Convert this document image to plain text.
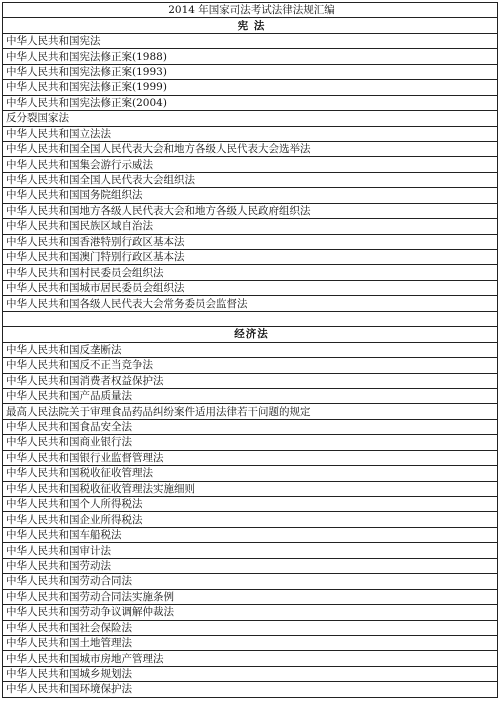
2014 年国家司法考试法律法规汇编
宪 法
中华人民共和国宪法
中华人民共和国宪法修正案(1988)
中华人民共和国宪法修正案(1993)
中华人民共和国宪法修正案(1999)
中华人民共和国宪法修正案(2004)
反分裂国家法
中华人民共和国立法法
中华人民共和国全国人民代表大会和地方各级人民代表大会选举法
中华人民共和国集会游行示威法
中华人民共和国全国人民代表大会组织法
中华人民共和国国务院组织法
中华人民共和国地方各级人民代表大会和地方各级人民政府组织法
中华人民共和国民族区域自治法
中华人民共和国香港特别行政区基本法
中华人民共和国澳门特别行政区基本法
中华人民共和国村民委员会组织法
中华人民共和国城市居民委员会组织法
中华人民共和国各级人民代表大会常务委员会监督法

经济法
中华人民共和国反垄断法
中华人民共和国反不正当竞争法
中华人民共和国消费者权益保护法
中华人民共和国产品质量法
最高人民法院关于审理食品药品纠纷案件适用法律若干问题的规定
中华人民共和国食品安全法
中华人民共和国商业银行法
中华人民共和国银行业监督管理法
中华人民共和国税收征收管理法
中华人民共和国税收征收管理法实施细则
中华人民共和国个人所得税法
中华人民共和国企业所得税法
中华人民共和国车船税法
中华人民共和国审计法
中华人民共和国劳动法
中华人民共和国劳动合同法
中华人民共和国劳动合同法实施条例
中华人民共和国劳动争议调解仲裁法
中华人民共和国社会保险法
中华人民共和国土地管理法
中华人民共和国城市房地产管理法
中华人民共和国城乡规划法
中华人民共和国环境保护法
